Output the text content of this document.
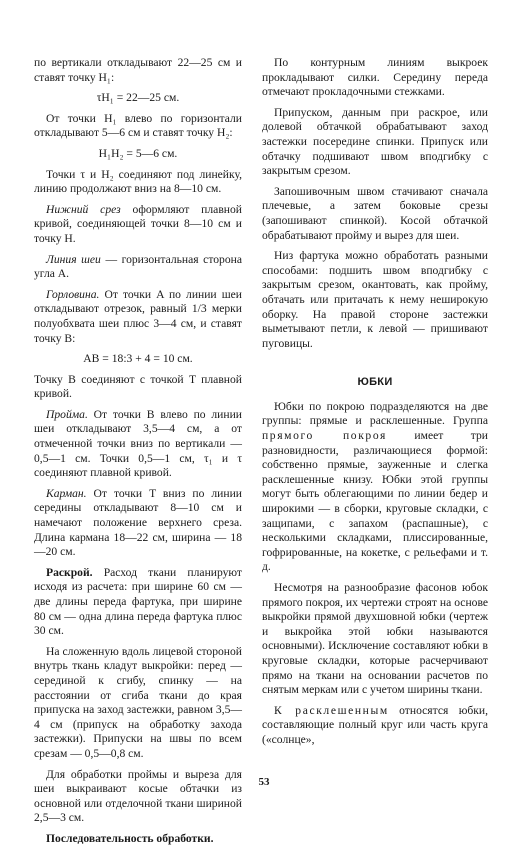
по вертикали откладывают 22—25 см и ставят точку H₁:

τH₁ = 22—25 см.

От точки H₁ влево по горизонтали откладывают 5—6 см и ставят точку H₂:

H₁H₂ = 5—6 см.

Точки τ и H₂ соединяют под линейку, линию продолжают вниз на 8—10 см.

Нижний срез оформляют плавной кривой, соединяющей точки 8—10 см и точку H.

Линия шеи — горизонтальная сторона угла A.

Горловина. От точки A по линии шеи откладывают отрезок, равный 1/3 мерки полуобхвата шеи плюс 3—4 см, и ставят точку B:

AB = 18:3 + 4 = 10 см.

Точку B соединяют с точкой T плавной кривой.

Пройма. От точки B влево по линии шеи откладывают 3,5—4 см, а от отмеченной точки вниз по вертикали — 0,5—1 см. Точки 0,5—1 см, τ₁ и τ соединяют плавной кривой.

Карман. От точки T вниз по линии середины откладывают 8—10 см и намечают положение верхнего среза. Длина кармана 18—22 см, ширина — 18—20 см.

Раскрой. Расход ткани планируют исходя из расчета: при ширине 60 см — две длины переда фартука, при ширине 80 см — одна длина переда фартука плюс 30 см.

На сложенную вдоль лицевой стороной внутрь ткань кладут выкройки: перед — серединой к сгибу, спинку — на расстоянии от сгиба ткани до края припуска на заход застежки, равном 3,5—4 см (припуск на обработку захода застежки). Припуски на швы по всем срезам — 0,5—0,8 см.

Для обработки проймы и выреза для шеи выкраивают косые обтачки из основной или отделочной ткани шириной 2,5—3 см.

Последовательность обработки.

По контурным линиям выкроек прокладывают силки. Середину переда отмечают прокладочными стежками.

Припуском, данным при раскрое, или долевой обтачкой обрабатывают заход застежки посередине спинки. Припуск или обтачку подшивают швом вподгибку с закрытым срезом.

Запошивочным швом стачивают сначала плечевые, а затем боковые срезы (запошивают спинкой). Косой обтачкой обрабатывают пройму и вырез для шеи.

Низ фартука можно обработать разными способами: подшить швом вподгибку с закрытым срезом, окантовать, как пройму, обтачать или притачать к нему неширокую оборку. На правой стороне застежки выметывают петли, к левой — пришивают пуговицы.

ЮБКИ

Юбки по покрою подразделяются на две группы: прямые и расклешенные. Группа прямого покроя имеет три разновидности, различающиеся формой: собственно прямые, зауженные и слегка расклешенные книзу. Юбки этой группы могут быть облегающими по линии бедер и широкими — в сборки, круговые складки, с защипами, с запахом (распашные), с несколькими складками, плиссированные, гофрированные, на кокетке, с рельефами и т. д.

Несмотря на разнообразие фасонов юбок прямого покроя, их чертежи строят на основе выкройки прямой двухшовной юбки (чертеж и выкройка этой юбки называются основными). Исключение составляют юбки в круговые складки, которые расчерчивают прямо на ткани на основании расчетов по снятым меркам или с учетом ширины ткани.

К расклешенным относятся юбки, составляющие полный круг или часть круга («солнце»,

53
